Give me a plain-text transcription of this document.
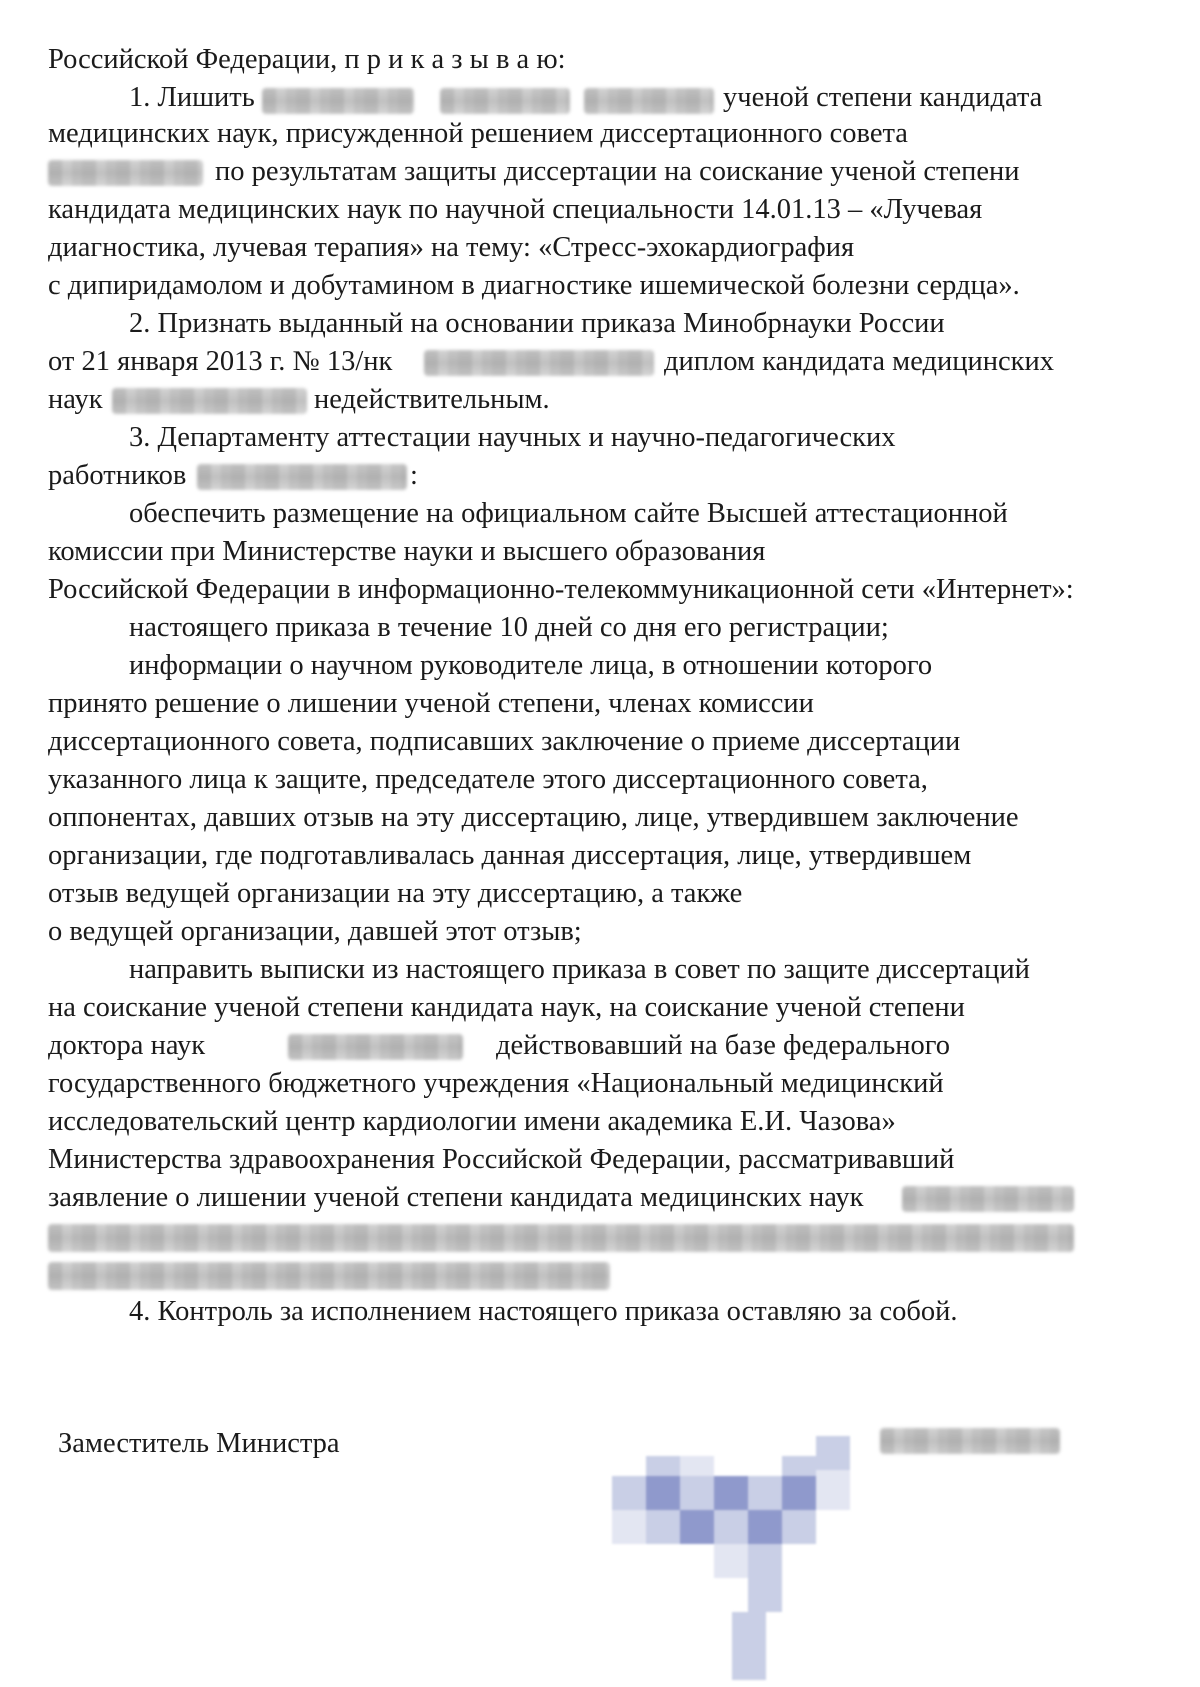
Российской Федерации, п р и к а з ы в а ю:
1. Лишить	ученой степени кандидата
медицинских наук, присужденной решением диссертационного совета
по результатам защиты диссертации на соискание ученой степени
кандидата медицинских наук по научной специальности 14.01.13 – «Лучевая
диагностика, лучевая терапия» на тему: «Стресс-эхокардиография
с дипиридамолом и добутамином в диагностике ишемической болезни сердца».
2. Признать выданный на основании приказа Минобрнауки России
от 21 января 2013 г. № 13/нк	диплом кандидата медицинских
наук	недействительным.
3. Департаменту аттестации научных и научно-педагогических
работников	:
обеспечить размещение на официальном сайте Высшей аттестационной
комиссии при Министерстве науки и высшего образования
Российской Федерации в информационно-телекоммуникационной сети «Интернет»:
настоящего приказа в течение 10 дней со дня его регистрации;
информации о научном руководителе лица, в отношении которого
принято решение о лишении ученой степени, членах комиссии
диссертационного совета, подписавших заключение о приеме диссертации
указанного лица к защите, председателе этого диссертационного совета,
оппонентах, давших отзыв на эту диссертацию, лице, утвердившем заключение
организации, где подготавливалась данная диссертация, лице, утвердившем
отзыв ведущей организации на эту диссертацию, а также
о ведущей организации, давшей этот отзыв;
направить выписки из настоящего приказа в совет по защите диссертаций
на соискание ученой степени кандидата наук, на соискание ученой степени
доктора наук	действовавший на базе федерального
государственного бюджетного учреждения «Национальный медицинский
исследовательский центр кардиологии имени академика Е.И. Чазова»
Министерства здравоохранения Российской Федерации, рассматривавший
заявление о лишении ученой степени кандидата медицинских наук
4. Контроль за исполнением настоящего приказа оставляю за собой.
Заместитель Министра
